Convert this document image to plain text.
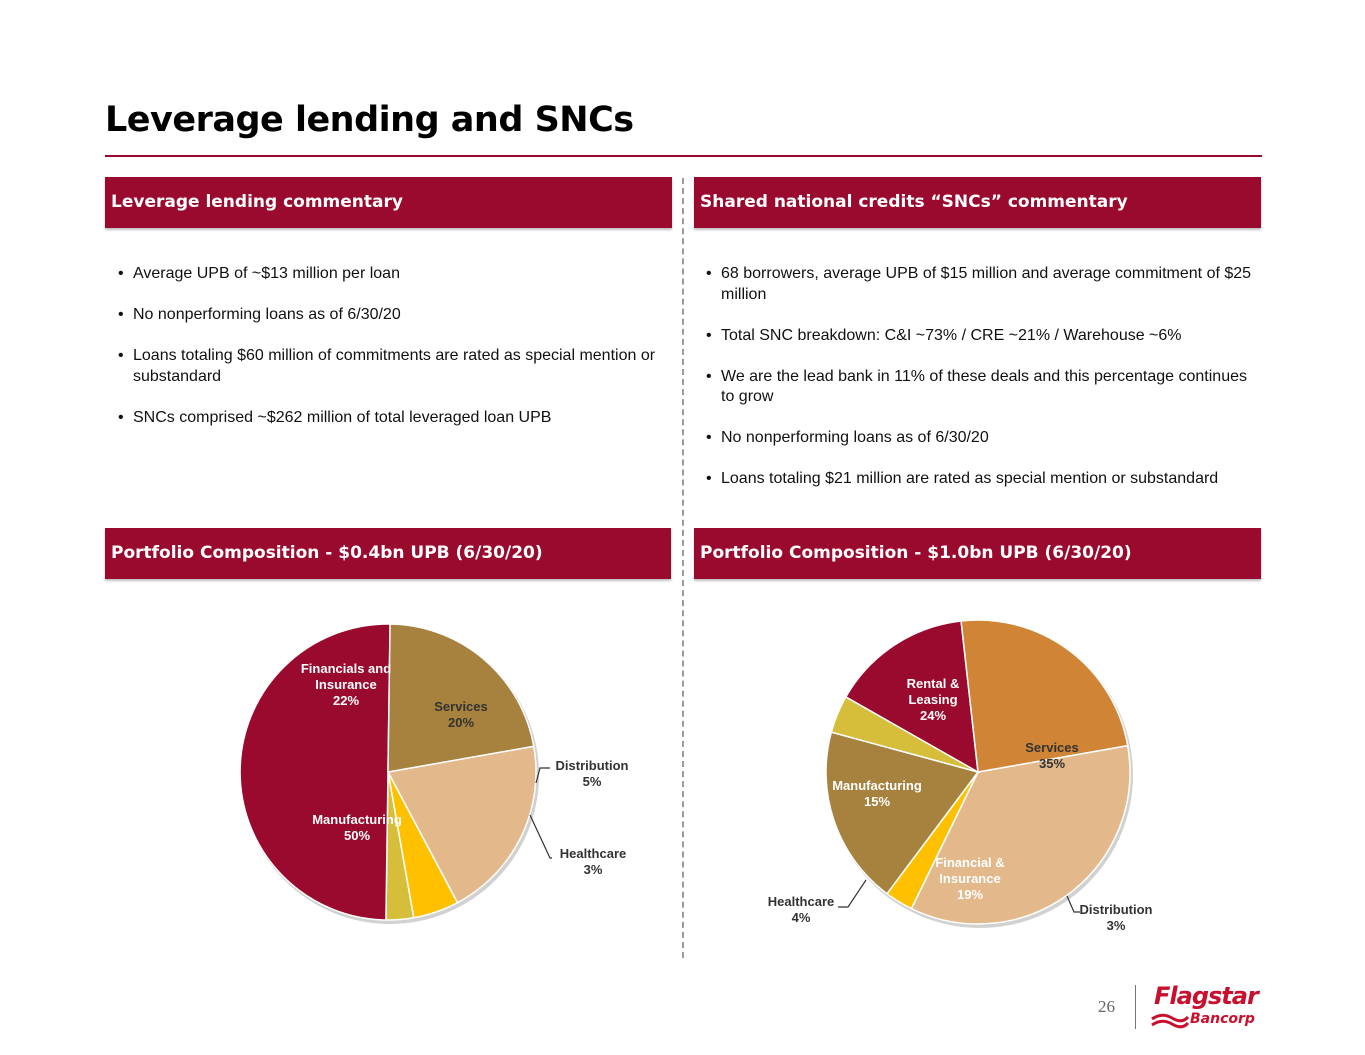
Leverage lending and SNCs
Leverage lending commentary	Shared national credits “SNCs” commentary
• Average UPB of ~$13 million per loan
• No nonperforming loans as of 6/30/20
• Loans totaling $60 million of commitments are rated as special mention or substandard
• SNCs comprised ~$262 million of total leveraged loan UPB
• 68 borrowers, average UPB of $15 million and average commitment of $25 million
• Total SNC breakdown: C&I ~73% / CRE ~21% / Warehouse ~6%
• We are the lead bank in 11% of these deals and this percentage continues to grow
• No nonperforming loans as of 6/30/20
• Loans totaling $21 million are rated as special mention or substandard
Portfolio Composition - $0.4bn UPB (6/30/20)	Portfolio Composition - $1.0bn UPB (6/30/20)
Services
20%
Distribution
5%
Healthcare
3%
Manufacturing
50%
Financials and
Insurance
22%
Services
35%
Distribution
3%
Financial &
Insurance
19%
Healthcare
4%
Manufacturing
15%
Rental &
Leasing
24%
26 Flagstar
Bancorp
